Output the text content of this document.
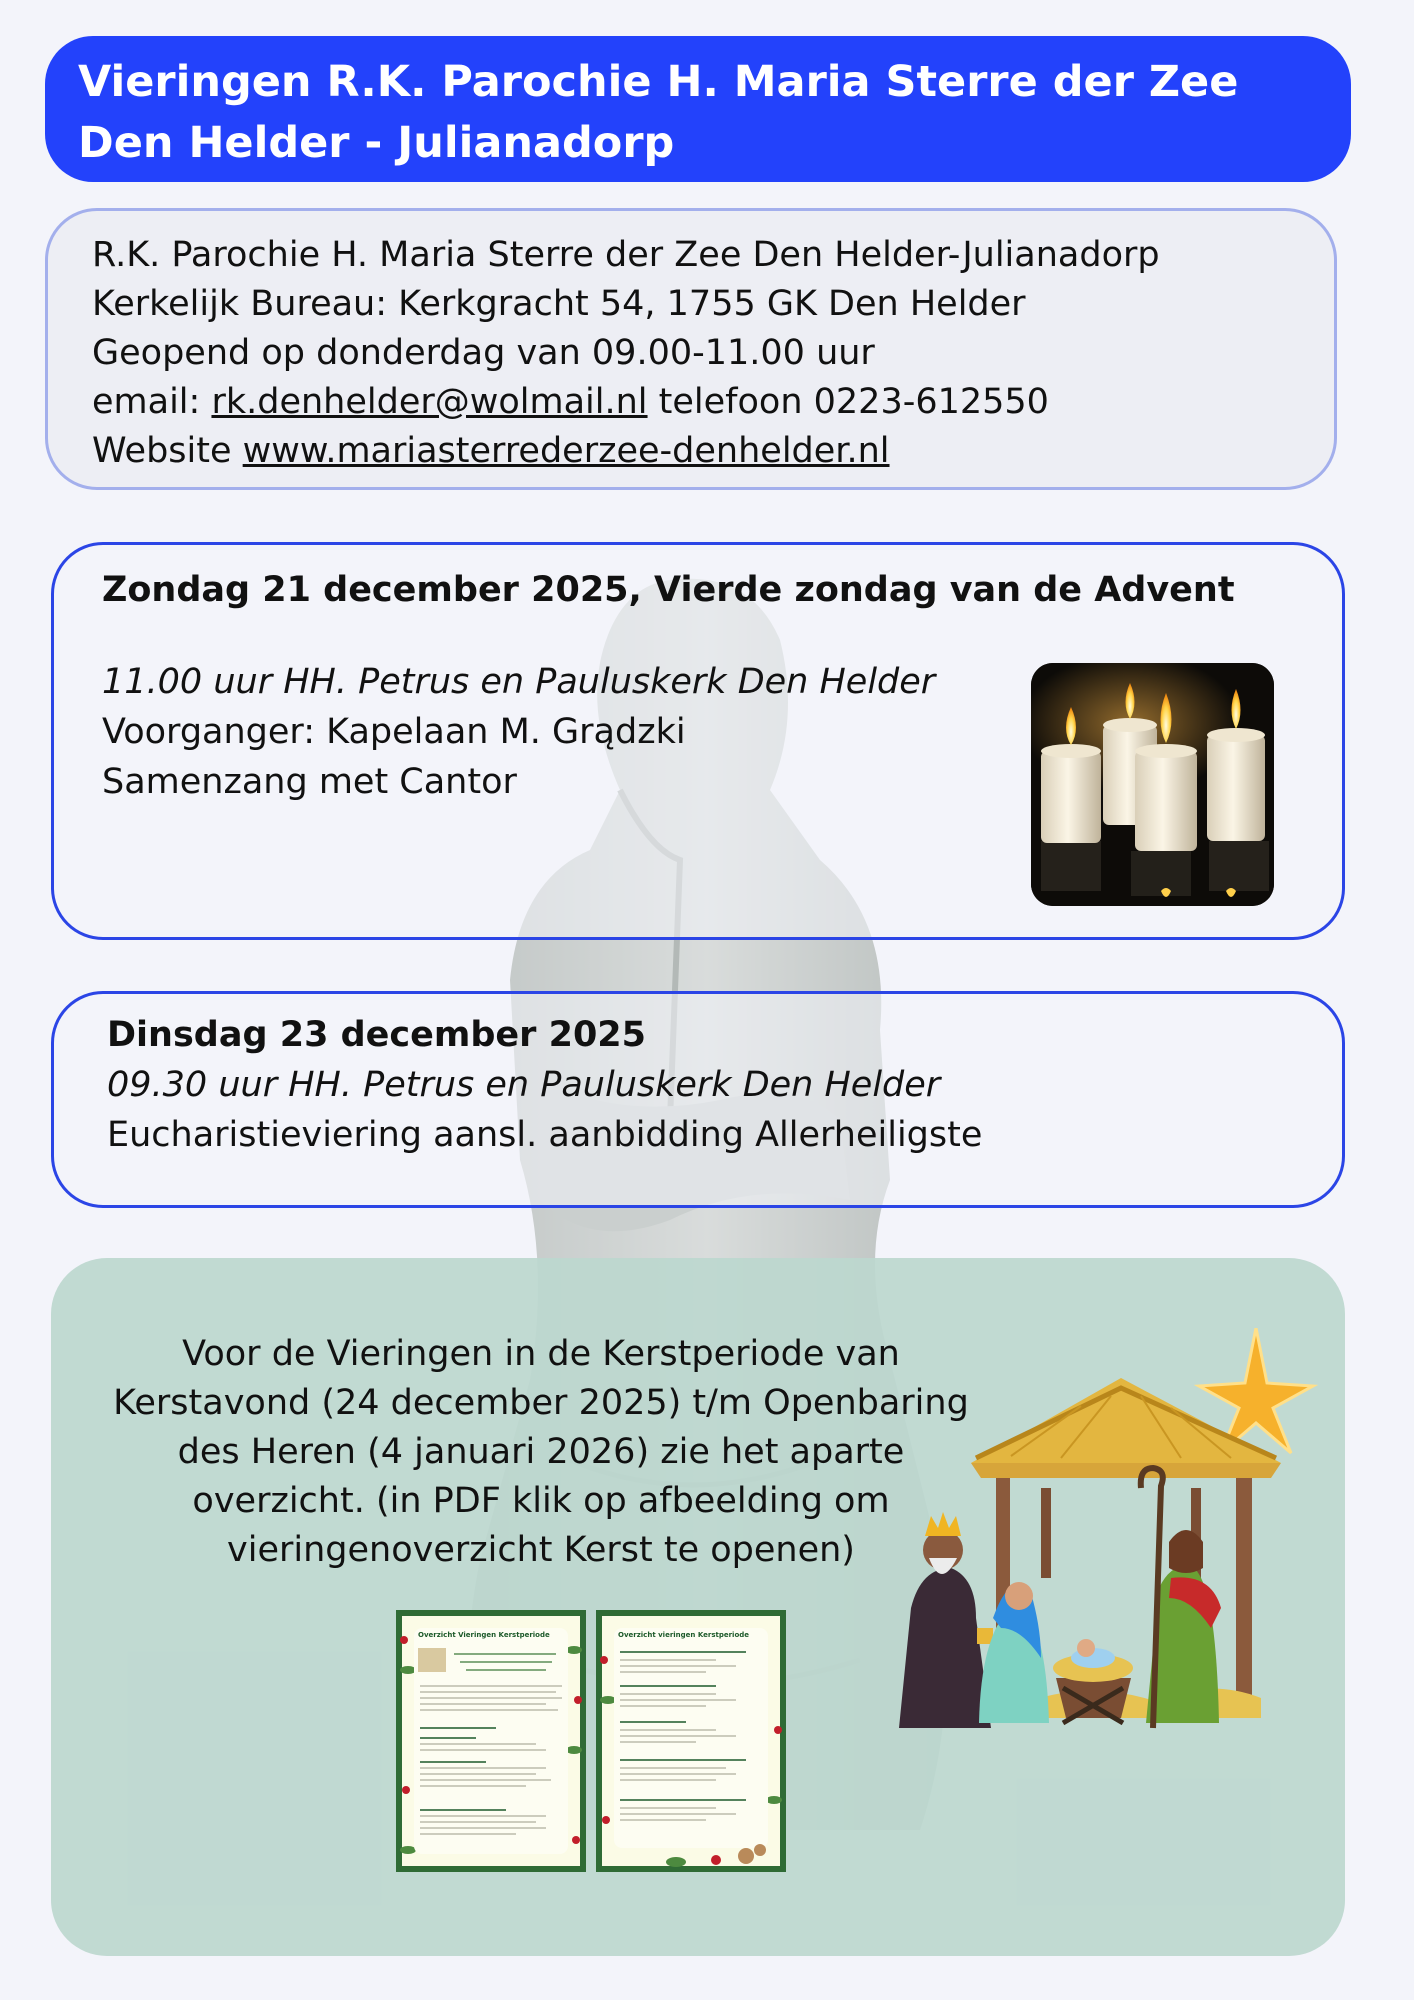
Vieringen R.K. Parochie H. Maria Sterre der Zee
Den Helder - Julianadorp
R.K. Parochie H. Maria Sterre der Zee Den Helder-Julianadorp
Kerkelijk Bureau: Kerkgracht 54, 1755 GK Den Helder
Geopend op donderdag van 09.00-11.00 uur
email: rk.denhelder@wolmail.nl telefoon 0223-612550
Website www.mariasterrederzee-denhelder.nl
Zondag 21 december 2025, Vierde zondag van de Advent
11.00 uur HH. Petrus en Pauluskerk Den Helder
Voorganger: Kapelaan M. Grądzki
Samenzang met Cantor
Dinsdag 23 december 2025
09.30 uur HH. Petrus en Pauluskerk Den Helder
Eucharistieviering aansl. aanbidding Allerheiligste
Voor de Vieringen in de Kerstperiode van
Kerstavond (24 december 2025) t/m Openbaring
des Heren (4 januari 2026) zie het aparte
overzicht. (in PDF klik op afbeelding om
vieringenoverzicht Kerst te openen)
Overzicht Vieringen Kerstperiode	Overzicht vieringen Kerstperiode
